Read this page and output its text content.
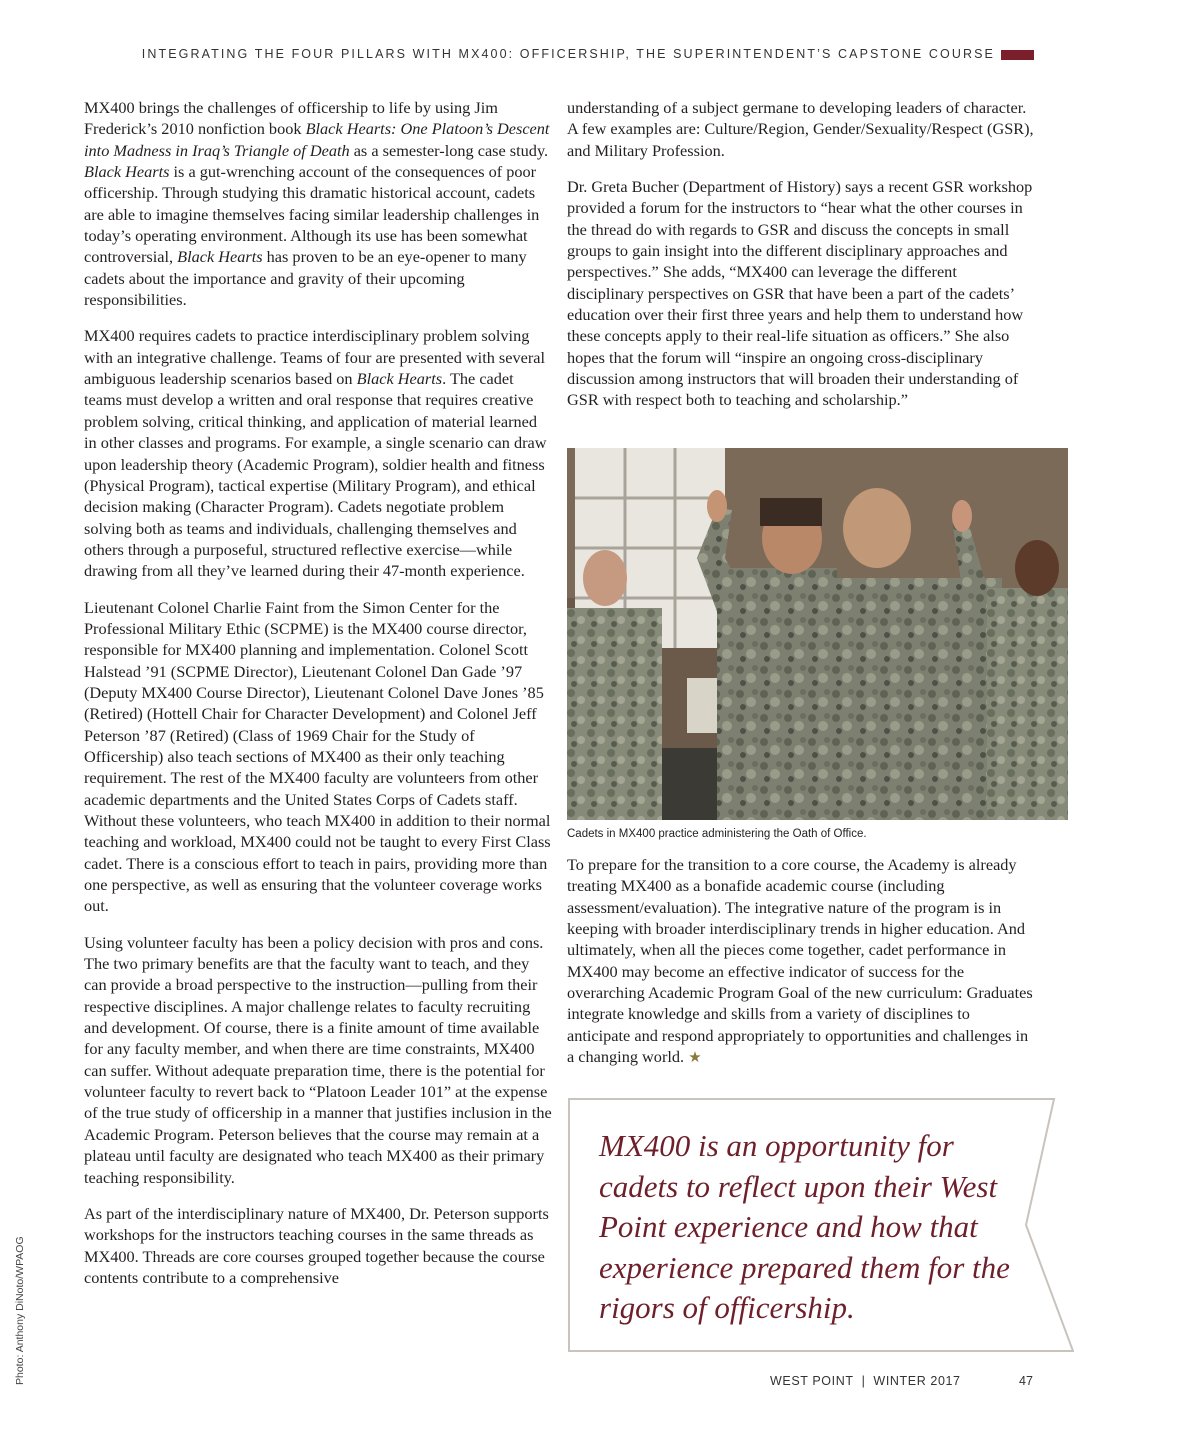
INTEGRATING THE FOUR PILLARS WITH MX400: OFFICERSHIP, THE SUPERINTENDENT’S CAPSTONE COURSE

MX400 brings the challenges of officership to life by using Jim Frederick’s 2010 nonfiction book Black Hearts: One Platoon’s Descent into Madness in Iraq’s Triangle of Death as a semester-long case study. Black Hearts is a gut-wrenching account of the consequences of poor officership. Through studying this dramatic historical account, cadets are able to imagine themselves facing similar leadership challenges in today’s operating environment. Although its use has been somewhat controversial, Black Hearts has proven to be an eye-opener to many cadets about the importance and gravity of their upcoming responsibilities.

MX400 requires cadets to practice interdisciplinary problem solving with an integrative challenge. Teams of four are presented with several ambiguous leadership scenarios based on Black Hearts. The cadet teams must develop a written and oral response that requires creative problem solving, critical thinking, and application of material learned in other classes and programs. For example, a single scenario can draw upon leadership theory (Academic Program), soldier health and fitness (Physical Program), tactical expertise (Military Program), and ethical decision making (Character Program). Cadets negotiate problem solving both as teams and individuals, challenging themselves and others through a purposeful, structured reflective exercise—while drawing from all they’ve learned during their 47-month experience.

Lieutenant Colonel Charlie Faint from the Simon Center for the Professional Military Ethic (SCPME) is the MX400 course director, responsible for MX400 planning and implementation. Colonel Scott Halstead ’91 (SCPME Director), Lieutenant Colonel Dan Gade ’97 (Deputy MX400 Course Director), Lieutenant Colonel Dave Jones ’85 (Retired) (Hottell Chair for Character Development) and Colonel Jeff Peterson ’87 (Retired) (Class of 1969 Chair for the Study of Officership) also teach sections of MX400 as their only teaching requirement. The rest of the MX400 faculty are volunteers from other academic departments and the United States Corps of Cadets staff. Without these volunteers, who teach MX400 in addition to their normal teaching and workload, MX400 could not be taught to every First Class cadet. There is a conscious effort to teach in pairs, providing more than one perspective, as well as ensuring that the volunteer coverage works out.

Using volunteer faculty has been a policy decision with pros and cons. The two primary benefits are that the faculty want to teach, and they can provide a broad perspective to the instruction—pulling from their respective disciplines. A major challenge relates to faculty recruiting and development. Of course, there is a finite amount of time available for any faculty member, and when there are time constraints, MX400 can suffer. Without adequate preparation time, there is the potential for volunteer faculty to revert back to “Platoon Leader 101” at the expense of the true study of officership in a manner that justifies inclusion in the Academic Program. Peterson believes that the course may remain at a plateau until faculty are designated who teach MX400 as their primary teaching responsibility.

As part of the interdisciplinary nature of MX400, Dr. Peterson supports workshops for the instructors teaching courses in the same threads as MX400. Threads are core courses grouped together because the course contents contribute to a comprehensive

understanding of a subject germane to developing leaders of character. A few examples are: Culture/Region, Gender/Sexuality/Respect (GSR), and Military Profession.

Dr. Greta Bucher (Department of History) says a recent GSR workshop provided a forum for the instructors to “hear what the other courses in the thread do with regards to GSR and discuss the concepts in small groups to gain insight into the different disciplinary approaches and perspectives.” She adds, “MX400 can leverage the different disciplinary perspectives on GSR that have been a part of the cadets’ education over their first three years and help them to understand how these concepts apply to their real-life situation as officers.” She also hopes that the forum will “inspire an ongoing cross-disciplinary discussion among instructors that will broaden their understanding of GSR with respect both to teaching and scholarship.”

Cadets in MX400 practice administering the Oath of Office.

To prepare for the transition to a core course, the Academy is already treating MX400 as a bonafide academic course (including assessment/evaluation). The integrative nature of the program is in keeping with broader interdisciplinary trends in higher education. And ultimately, when all the pieces come together, cadet performance in MX400 may become an effective indicator of success for the overarching Academic Program Goal of the new curriculum: Graduates integrate knowledge and skills from a variety of disciplines to anticipate and respond appropriately to opportunities and challenges in a changing world. ★

MX400 is an opportunity for cadets to reflect upon their West Point experience and how that experience prepared them for the rigors of officership.
Photo: Anthony DiNoto/WPAOG	WEST POINT | WINTER 2017	47
